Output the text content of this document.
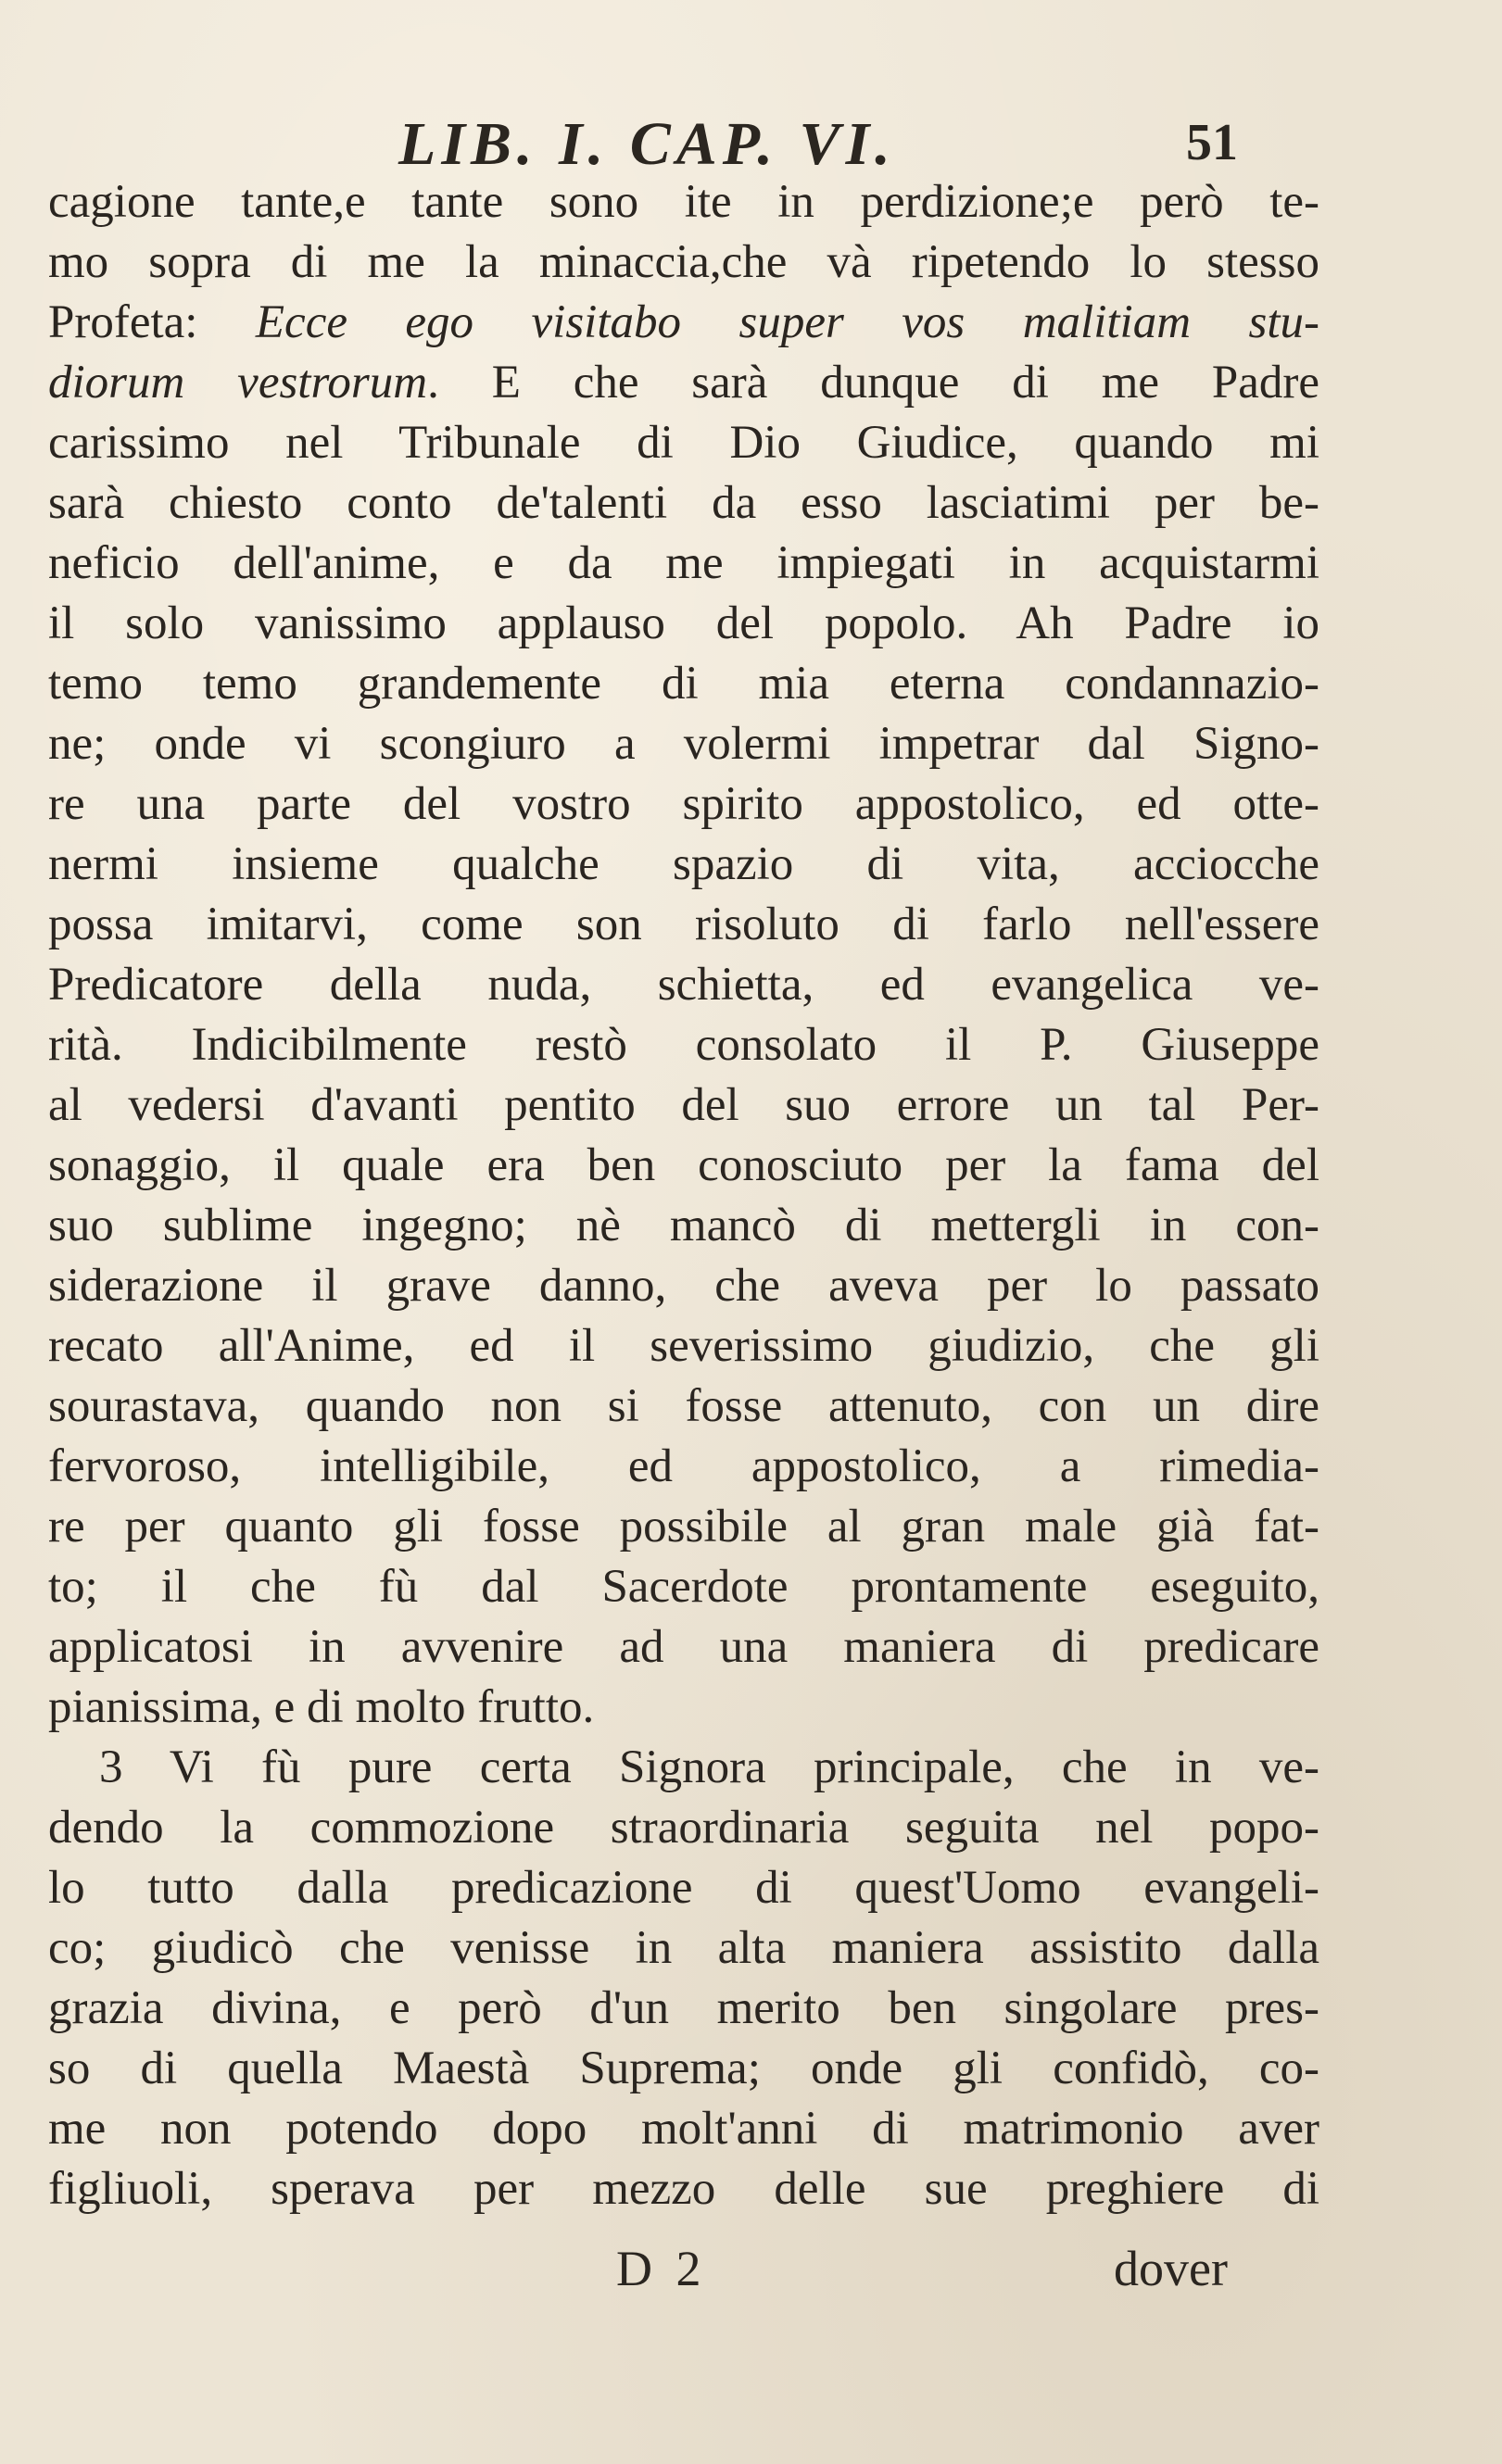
LIB. I. CAP. VI.	51
cagione tante,e tante sono ite in perdizione;e però te-
mo sopra di me la minaccia,che và ripetendo lo stesso
Profeta: Ecce ego visitabo super vos malitiam stu-
diorum vestrorum. E che sarà dunque di me Padre
carissimo nel Tribunale di Dio Giudice, quando mi
sarà chiesto conto de'talenti da esso lasciatimi per be-
neficio dell'anime, e da me impiegati in acquistarmi
il solo vanissimo applauso del popolo. Ah Padre io
temo temo grandemente di mia eterna condannazio-
ne; onde vi scongiuro a volermi impetrar dal Signo-
re una parte del vostro spirito appostolico, ed otte-
nermi insieme qualche spazio di vita, acciocche
possa imitarvi, come son risoluto di farlo nell'essere
Predicatore della nuda, schietta, ed evangelica ve-
rità. Indicibilmente restò consolato il P. Giuseppe
al vedersi d'avanti pentito del suo errore un tal Per-
sonaggio, il quale era ben conosciuto per la fama del
suo sublime ingegno; nè mancò di mettergli in con-
siderazione il grave danno, che aveva per lo passato
recato all'Anime, ed il severissimo giudizio, che gli
sourastava, quando non si fosse attenuto, con un dire
fervoroso, intelligibile, ed appostolico, a rimedia-
re per quanto gli fosse possibile al gran male già fat-
to; il che fù dal Sacerdote prontamente eseguito,
applicatosi in avvenire ad una maniera di predicare
pianissima, e di molto frutto.
3 Vi fù pure certa Signora principale, che in ve-
dendo la commozione straordinaria seguita nel popo-
lo tutto dalla predicazione di quest'Uomo evangeli-
co; giudicò che venisse in alta maniera assistito dalla
grazia divina, e però d'un merito ben singolare pres-
so di quella Maestà Suprema; onde gli confidò, co-
me non potendo dopo molt'anni di matrimonio aver
figliuoli, sperava per mezzo delle sue preghiere di
D 2	dover
